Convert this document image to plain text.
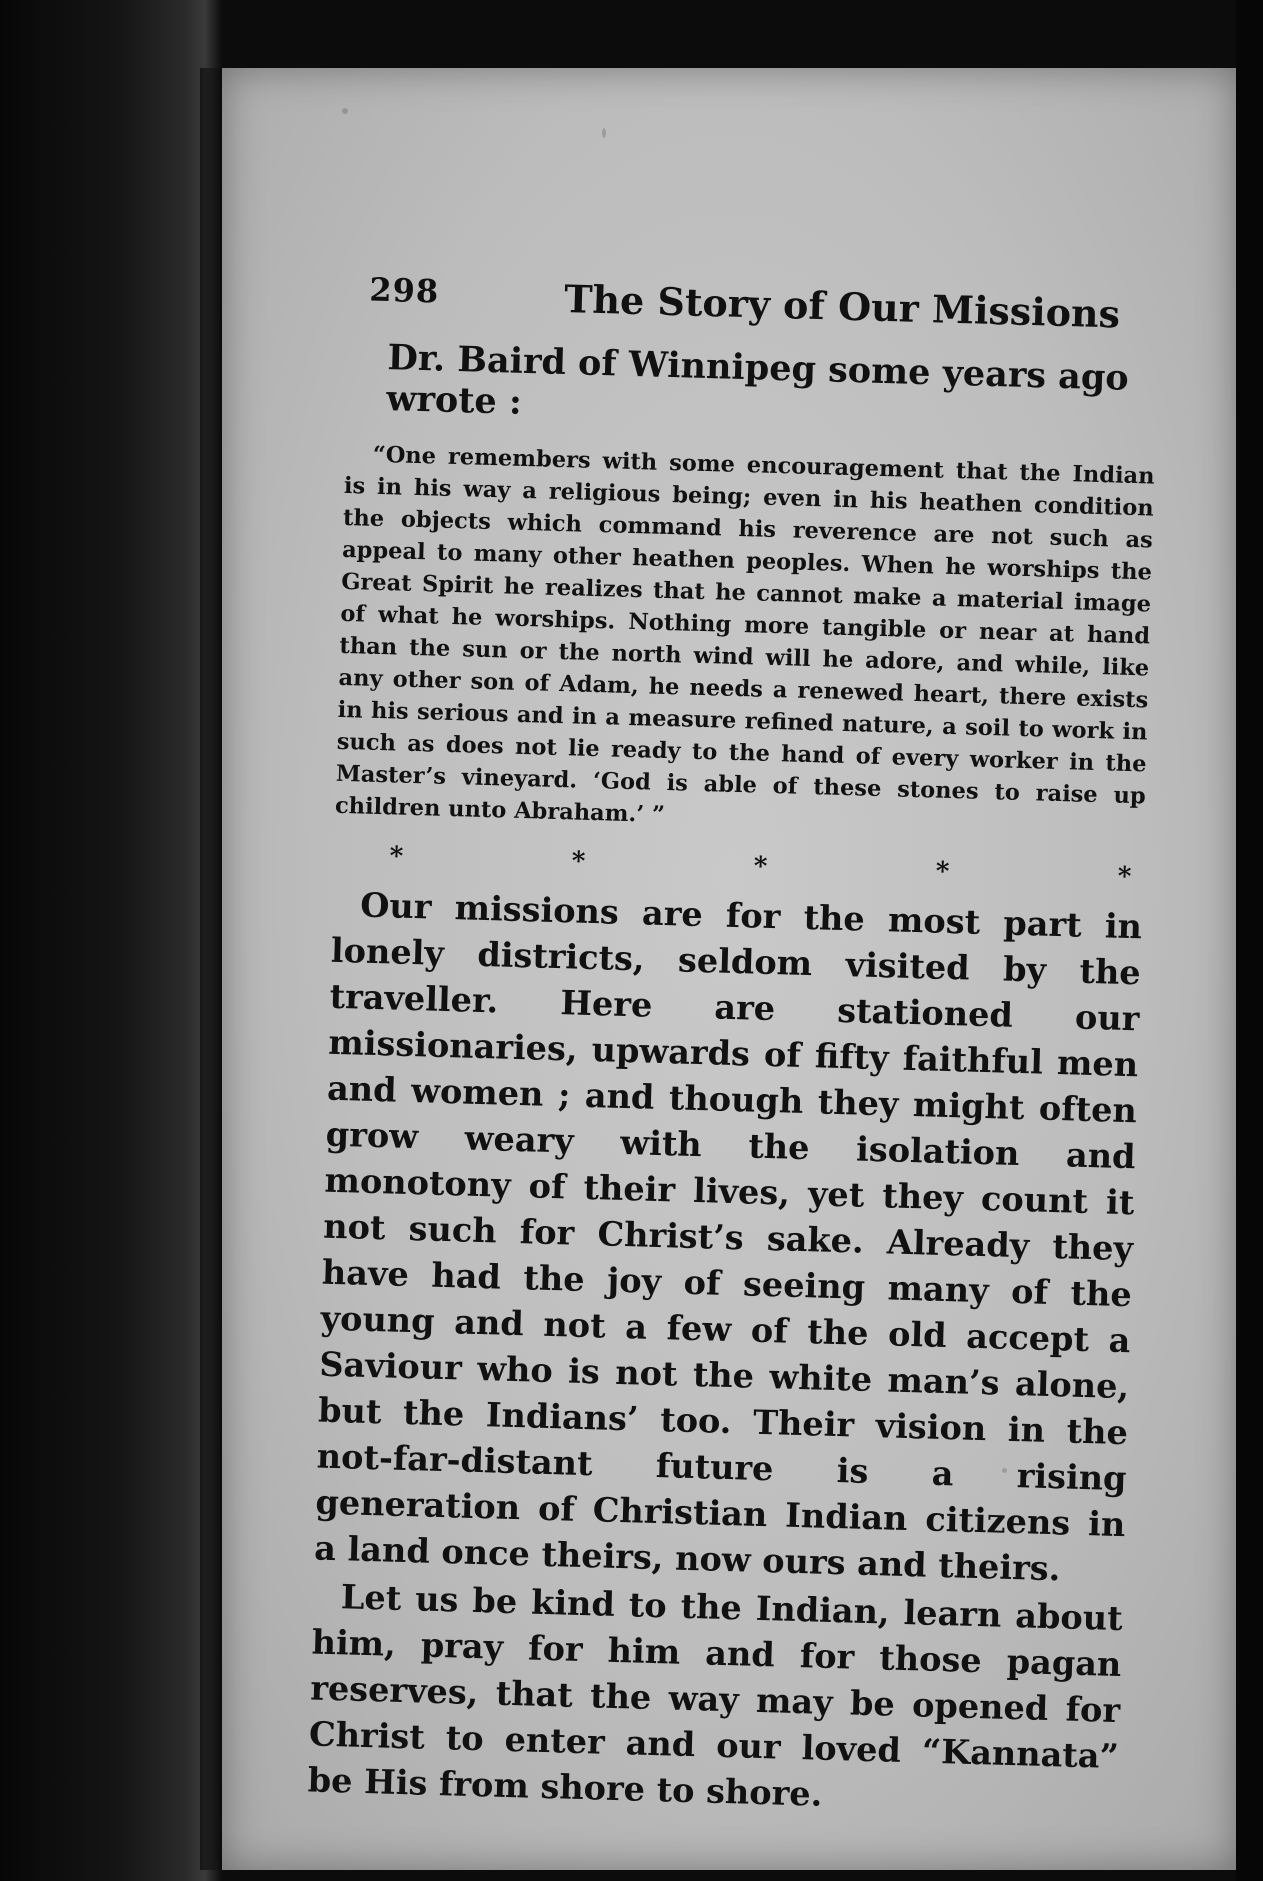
298	The Story of Our Missions
Dr. Baird of Winnipeg some years ago wrote :

“One remembers with some encouragement that the Indian is in his way a religious being; even in his heathen condition the objects which command his reverence are not such as appeal to many other heathen peoples. When he worships the Great Spirit he realizes that he cannot make a material image of what he worships. Nothing more tangible or near at hand than the sun or the north wind will he adore, and while, like any other son of Adam, he needs a renewed heart, there exists in his serious and in a measure refined nature, a soil to work in such as does not lie ready to the hand of every worker in the Master’s vineyard. ‘God is able of these stones to raise up children unto Abraham.’ ”

*	*	*	*	*

Our missions are for the most part in lonely districts, seldom visited by the traveller. Here are stationed our missionaries, upwards of fifty faithful men and women ; and though they might often grow weary with the isolation and monotony of their lives, yet they count it not such for Christ’s sake. Already they have had the joy of seeing many of the young and not a few of the old accept a Saviour who is not the white man’s alone, but the Indians’ too. Their vision in the not-far-distant future is a rising generation of Christian Indian citizens in a land once theirs, now ours and theirs.

Let us be kind to the Indian, learn about him, pray for him and for those pagan reserves, that the way may be opened for Christ to enter and our loved “Kannata” be His from shore to shore.
